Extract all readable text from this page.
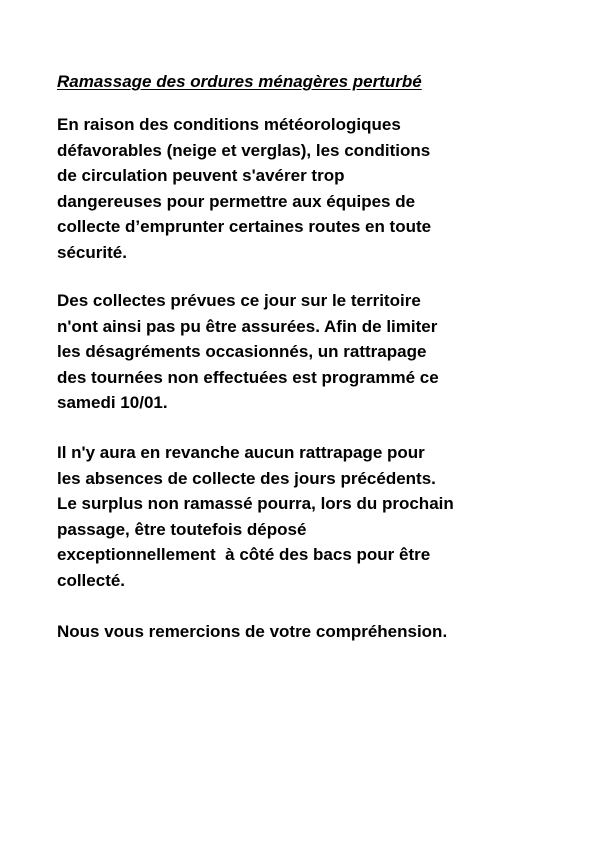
Ramassage des ordures ménagères perturbé

En raison des conditions météorologiques
défavorables (neige et verglas), les conditions
de circulation peuvent s'avérer trop
dangereuses pour permettre aux équipes de
collecte d’emprunter certaines routes en toute
sécurité.

Des collectes prévues ce jour sur le territoire
n'ont ainsi pas pu être assurées. Afin de limiter
les désagréments occasionnés, un rattrapage
des tournées non effectuées est programmé ce
samedi 10/01.

Il n'y aura en revanche aucun rattrapage pour
les absences de collecte des jours précédents.
Le surplus non ramassé pourra, lors du prochain
passage, être toutefois déposé
exceptionnellement  à côté des bacs pour être
collecté.

Nous vous remercions de votre compréhension.
